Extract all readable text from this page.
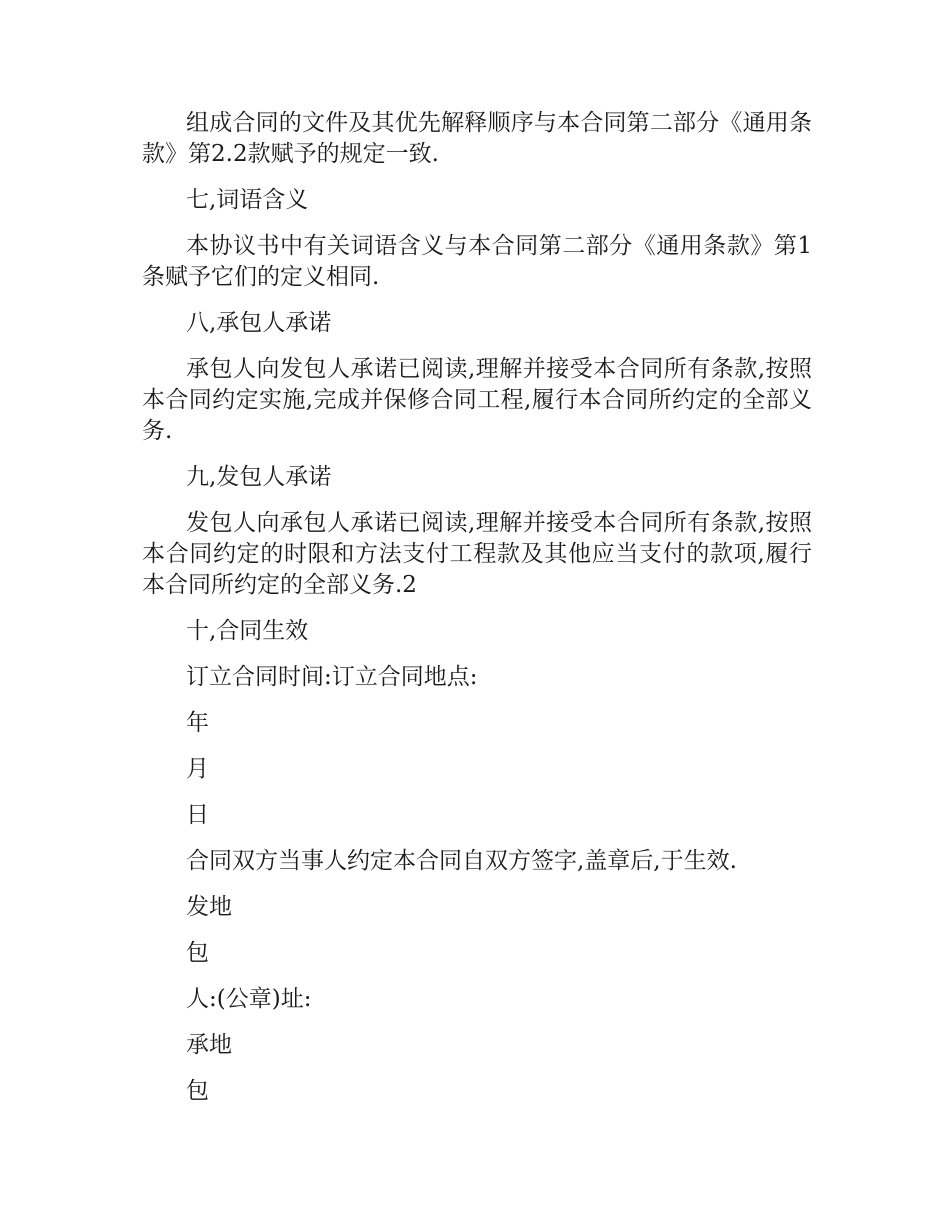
组成合同的文件及其优先解释顺序与本合同第二部分《通用条款》第2.2款赋予的规定一致.

七,词语含义

本协议书中有关词语含义与本合同第二部分《通用条款》第1条赋予它们的定义相同.

八,承包人承诺

承包人向发包人承诺已阅读,理解并接受本合同所有条款,按照本合同约定实施,完成并保修合同工程,履行本合同所约定的全部义务.

九,发包人承诺

发包人向承包人承诺已阅读,理解并接受本合同所有条款,按照本合同约定的时限和方法支付工程款及其他应当支付的款项,履行本合同所约定的全部义务.2

十,合同生效

订立合同时间:订立合同地点:

年

月

日

合同双方当事人约定本合同自双方签字,盖章后,于生效.

发地

包

人:(公章)址:

承地

包
